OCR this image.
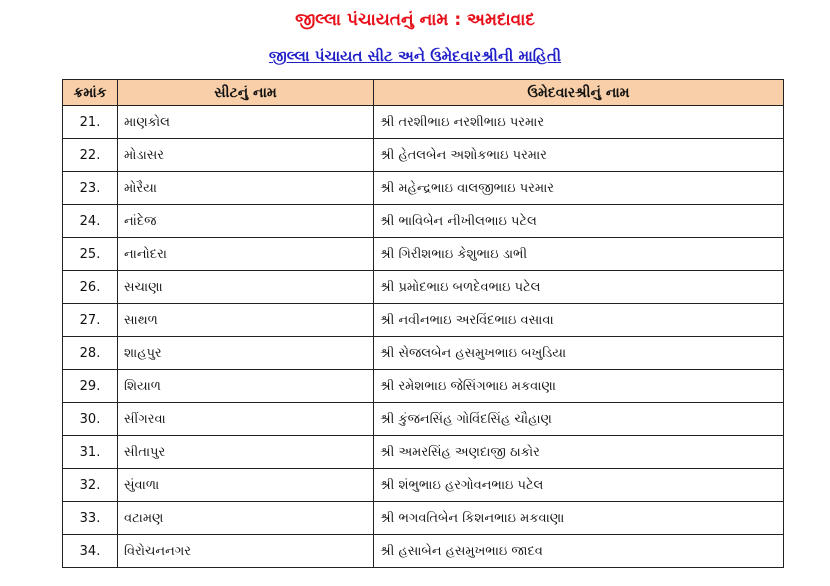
જીલ્લા પંચાયતનું નામ : અમદાવાદ
જીલ્લા પંચાયત સીટ અને ઉમેદવારશ્રીની માહિતી
ક્રમાંક	સીટનું નામ	ઉમેદવારશ્રીનું નામ
21.	માણકોલ	શ્રી તરશીભાઇ નરશીભાઇ પરમાર
22.	મોડાસર	શ્રી હેતલબેન અશોકભાઇ પરમાર
23.	મોરૈયા	શ્રી મહેન્દ્રભાઇ વાલજીભાઇ પરમાર
24.	નાંદેજ	શ્રી ભાવિબેન નીખીલભાઇ પટેલ
25.	નાનોદરા	શ્રી ગિરીશભાઇ કેશુભાઇ ડાભી
26.	સચાણા	શ્રી પ્રમોદભાઇ બળદેવભાઇ પટેલ
27.	સાથળ	શ્રી નવીનભાઇ અરવિંદભાઇ વસાવા
28.	શાહપુર	શ્રી સેજલબેન હસમુખભાઇ બખુડિયા
29.	શિયાળ	શ્રી રમેશભાઇ જેસિંગભાઇ મકવાણા
30.	સીંગરવા	શ્રી કુંજનસિંહ ગોવિંદસિંહ ચૌહાણ
31.	સીતાપુર	શ્રી અમરસિંહ અણદાજી ઠાકોર
32.	સુંવાળા	શ્રી શંભુભાઇ હરગોવનભાઇ પટેલ
33.	વટામણ	શ્રી ભગવતિબેન કિશનભાઇ મકવાણા
34.	વિરોચનનગર	શ્રી હસાબેન હસમુખભાઇ જાદવ
